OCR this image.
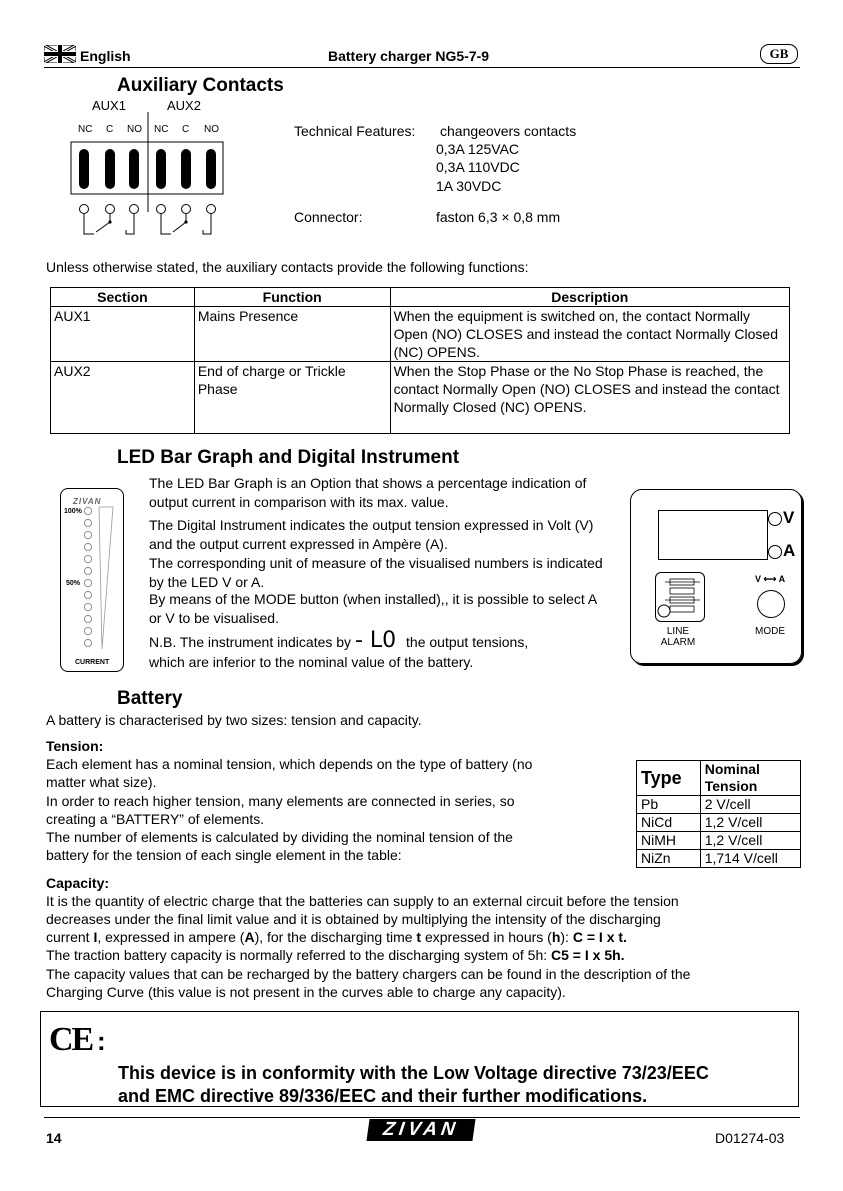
English	Battery charger NG5-7-9	GB
Auxiliary Contacts
AUX1	AUX2
NC C NO NC C NO	Technical Features: changeovers contacts
0,3A 125VAC
0,3A 110VDC
1A 30VDC
Connector:	faston 6,3 × 0,8 mm
Unless otherwise stated, the auxiliary contacts provide the following functions:
Section	Function	Description
AUX1	Mains Presence	When the equipment is switched on, the contact Normally Open (NO) CLOSES and instead the contact Normally Closed (NC) OPENS.
AUX2	End of charge or Trickle Phase	When the Stop Phase or the No Stop Phase is reached, the contact Normally Open (NO) CLOSES and instead the contact Normally Closed (NC) OPENS.
LED Bar Graph and Digital Instrument
ZIVAN
100%
50%
CURRENT
The LED Bar Graph is an Option that shows a percentage indication of output current in comparison with its max. value.
The Digital Instrument indicates the output tension expressed in Volt (V) and the output current expressed in Ampère (A).
The corresponding unit of measure of the visualised numbers is indicated by the LED V or A.
By means of the MODE button (when installed),, it is possible to select A or V to be visualised.
N.B. The instrument indicates by - L0 the output tensions,
which are inferior to the nominal value of the battery.
V
A
V ⟷ A
LINE
ALARM
MODE
Battery
A battery is characterised by two sizes: tension and capacity.
Tension:
Each element has a nominal tension, which depends on the type of battery (no
matter what size).
In order to reach higher tension, many elements are connected in series, so
creating a “BATTERY” of elements.
The number of elements is calculated by dividing the nominal tension of the
battery for the tension of each single element in the table:
Type	Nominal
Tension

Pb	2 V/cell
NiCd	1,2 V/cell
NiMH	1,2 V/cell
NiZn	1,714 V/cell
Capacity:
It is the quantity of electric charge that the batteries can supply to an external circuit before the tension
decreases under the final limit value and it is obtained by multiplying the intensity of the discharging
current I, expressed in ampere (A), for the discharging time t expressed in hours (h): C = I x t.
The traction battery capacity is normally referred to the discharging system of 5h: C5 = I x 5h.
The capacity values that can be recharged by the battery chargers can be found in the description of the
Charging Curve (this value is not present in the curves able to charge any capacity).
CE :
This device is in conformity with the Low Voltage directive 73/23/EEC
and EMC directive 89/336/EEC and their further modifications.
14	ZIVAN	D01274-03
